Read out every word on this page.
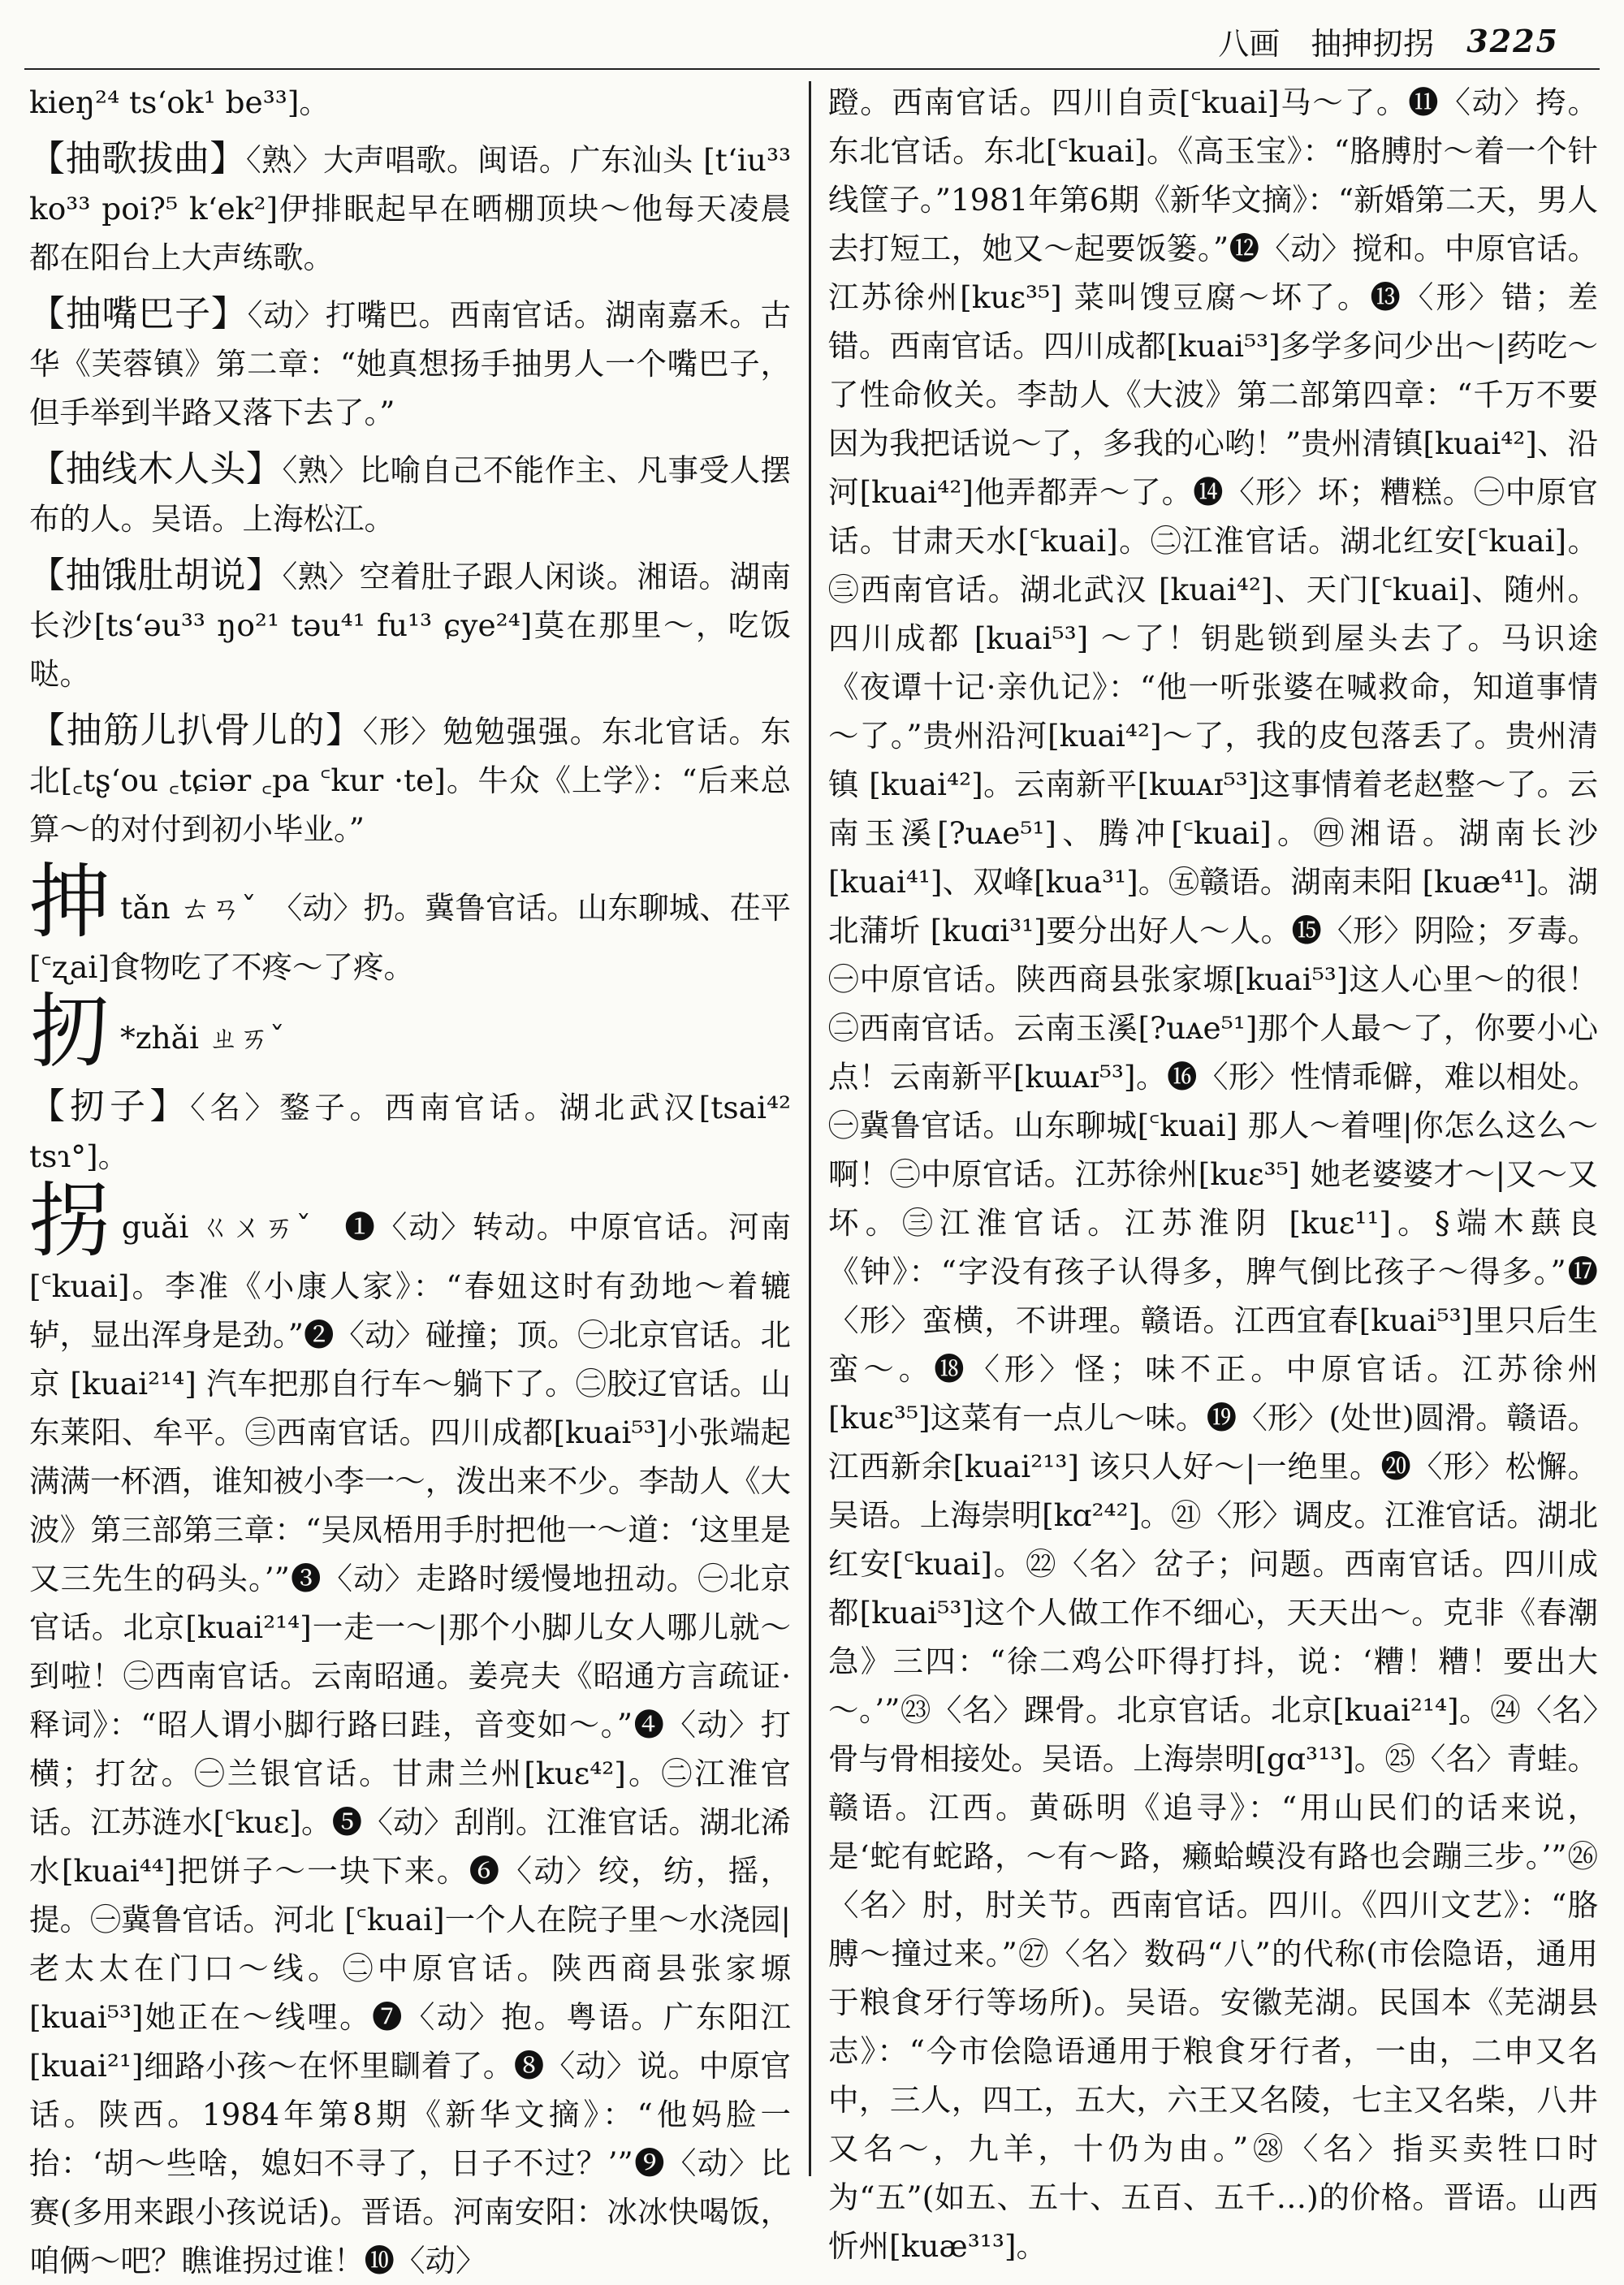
八画　抽抻扨拐 3225

kieŋ²⁴ ts‘ok¹ be³³]。

【抽歌拔曲】〈熟〉大声唱歌。闽语。广东汕头 [t‘iu³³ ko³³ poi?⁵ k‘ek²]伊排眠起早在晒棚顶块～他每天凌晨都在阳台上大声练歌。

【抽嘴巴子】〈动〉打嘴巴。西南官话。湖南嘉禾。古华《芙蓉镇》第二章：“她真想扬手抽男人一个嘴巴子，但手举到半路又落下去了。”

【抽线木人头】〈熟〉比喻自己不能作主、凡事受人摆布的人。吴语。上海松江。

【抽饿肚胡说】〈熟〉空着肚子跟人闲谈。湘语。湖南长沙[ts‘əu³³ ŋo²¹ təu⁴¹ fu¹³ ɕye²⁴]莫在那里～，吃饭哒。

【抽筋儿扒骨儿的】〈形〉勉勉强强。东北官话。东北[꜀tʂ‘ou ꜀tɕiər ꜀pa ꜂kur ·te]。牛众《上学》：“后来总算～的对付到初小毕业。”

抻tǎn ㄊㄢˇ　 〈动〉扔。冀鲁官话。山东聊城、茌平[꜂ʐai]食物吃了不疼～了疼。

扨 *zhǎi ㄓㄞˇ

【扨子】〈名〉鍪子。西南官话。湖北武汉[tsai⁴² tsɿ°]。

拐guǎi ㄍㄨㄞˇ　 ❶〈动〉转动。中原官话。河南[꜂kuai]。李准《小康人家》：“春妞这时有劲地～着辘轳，显出浑身是劲。”❷〈动〉碰撞；顶。㊀北京官话。北京 [kuai²¹⁴] 汽车把那自行车～躺下了。㊁胶辽官话。山东莱阳、牟平。㊂西南官话。四川成都[kuai⁵³]小张端起满满一杯酒，谁知被小李一～，泼出来不少。李劼人《大波》第三部第三章：“吴凤梧用手肘把他一～道：‘这里是又三先生的码头。’”❸〈动〉走路时缓慢地扭动。㊀北京官话。北京[kuai²¹⁴]一走一～|那个小脚儿女人哪儿就～到啦！㊁西南官话。云南昭通。姜亮夫《昭通方言疏证·释词》：“昭人谓小脚行路曰跬，音变如～。”❹〈动〉打横；打岔。㊀兰银官话。甘肃兰州[kuɛ⁴²]。㊁江淮官话。江苏涟水[꜂kuɛ]。❺〈动〉刮削。江淮官话。湖北浠水[kuai⁴⁴]把饼子～一块下来。❻〈动〉绞，纺，摇，提。㊀冀鲁官话。河北 [꜂kuai]一个人在院子里～水浇园|老太太在门口～线。㊁中原官话。陕西商县张家塬[kuai⁵³]她正在～线哩。❼〈动〉抱。粤语。广东阳江[kuai²¹]细路小孩～在怀里瞓着了。❽〈动〉说。中原官话。陕西。1984年第8期《新华文摘》：“他妈脸一抬：‘胡～些啥，媳妇不寻了，日子不过？’”❾〈动〉比赛(多用来跟小孩说话)。晋语。河南安阳：冰冰快喝饭，咱俩～吧？瞧谁拐过谁！❿〈动〉

蹬。西南官话。四川自贡[꜂kuai]马～了。⓫〈动〉挎。东北官话。东北[꜂kuai]。《高玉宝》：“胳膊肘～着一个针线筐子。”1981年第6期《新华文摘》：“新婚第二天，男人去打短工，她又～起要饭篓。”⓬〈动〉搅和。中原官话。江苏徐州[kuɛ³⁵] 菜叫馊豆腐～坏了。⓭〈形〉错；差错。西南官话。四川成都[kuai⁵³]多学多问少出～|药吃～了性命攸关。李劼人《大波》第二部第四章：“千万不要因为我把话说～了，多我的心哟！”贵州清镇[kuai⁴²]、沿河[kuai⁴²]他弄都弄～了。⓮〈形〉坏；糟糕。㊀中原官话。甘肃天水[꜂kuai]。㊁江淮官话。湖北红安[꜂kuai]。㊂西南官话。湖北武汉 [kuai⁴²]、天门[꜂kuai]、随州。四川成都 [kuai⁵³] ～了！钥匙锁到屋头去了。马识途《夜谭十记·亲仇记》：“他一听张婆在喊救命，知道事情～了。”贵州沿河[kuai⁴²]～了，我的皮包落丢了。贵州清镇 [kuai⁴²]。云南新平[kɯᴀɪ⁵³]这事情着老赵整～了。云南玉溪[?uᴀe⁵¹]、腾冲[꜂kuai]。㊃湘语。湖南长沙[kuai⁴¹]、双峰[kua³¹]。㊄赣语。湖南耒阳 [kuæ⁴¹]。湖北蒲圻 [kuɑi³¹]要分出好人～人。⓯〈形〉阴险；歹毒。㊀中原官话。陕西商县张家塬[kuai⁵³]这人心里～的很！㊁西南官话。云南玉溪[?uᴀe⁵¹]那个人最～了，你要小心点！云南新平[kɯᴀɪ⁵³]。⓰〈形〉性情乖僻，难以相处。㊀冀鲁官话。山东聊城[꜂kuai] 那人～着哩|你怎么这么～啊！㊁中原官话。江苏徐州[kuɛ³⁵] 她老婆婆才～|又～又坏。㊂江淮官话。江苏淮阴 [kuɛ¹¹]。§端木蕻良《钟》：“字没有孩子认得多，脾气倒比孩子～得多。”⓱〈形〉蛮横，不讲理。赣语。江西宜春[kuai⁵³]里只后生蛮～。⓲〈形〉怪；味不正。中原官话。江苏徐州[kuɛ³⁵]这菜有一点儿～味。⓳〈形〉(处世)圆滑。赣语。江西新余[kuai²¹³] 该只人好～|一绝里。⓴〈形〉松懈。吴语。上海崇明[kɑ²⁴²]。㉑〈形〉调皮。江淮官话。湖北红安[꜂kuai]。㉒〈名〉岔子；问题。西南官话。四川成都[kuai⁵³]这个人做工作不细心，天天出～。克非《春潮急》三四：“徐二鸡公吓得打抖，说：‘糟！糟！要出大～。’”㉓〈名〉踝骨。北京官话。北京[kuai²¹⁴]。㉔〈名〉骨与骨相接处。吴语。上海崇明[gɑ³¹³]。㉕〈名〉青蛙。赣语。江西。黄砾明《追寻》：“用山民们的话来说，是‘蛇有蛇路，～有～路，癞蛤蟆没有路也会蹦三步。’”㉖〈名〉肘，肘关节。西南官话。四川。《四川文艺》：“胳膊～撞过来。”㉗〈名〉数码“八”的代称(市侩隐语，通用于粮食牙行等场所)。吴语。安徽芜湖。民国本《芜湖县志》：“今市侩隐语通用于粮食牙行者，一由，二申又名中，三人，四工，五大，六王又名陵，七主又名柴，八井又名～，九羊，十仍为由。”㉘〈名〉指买卖牲口时为“五”(如五、五十、五百、五千…)的价格。晋语。山西忻州[kuæ³¹³]。
